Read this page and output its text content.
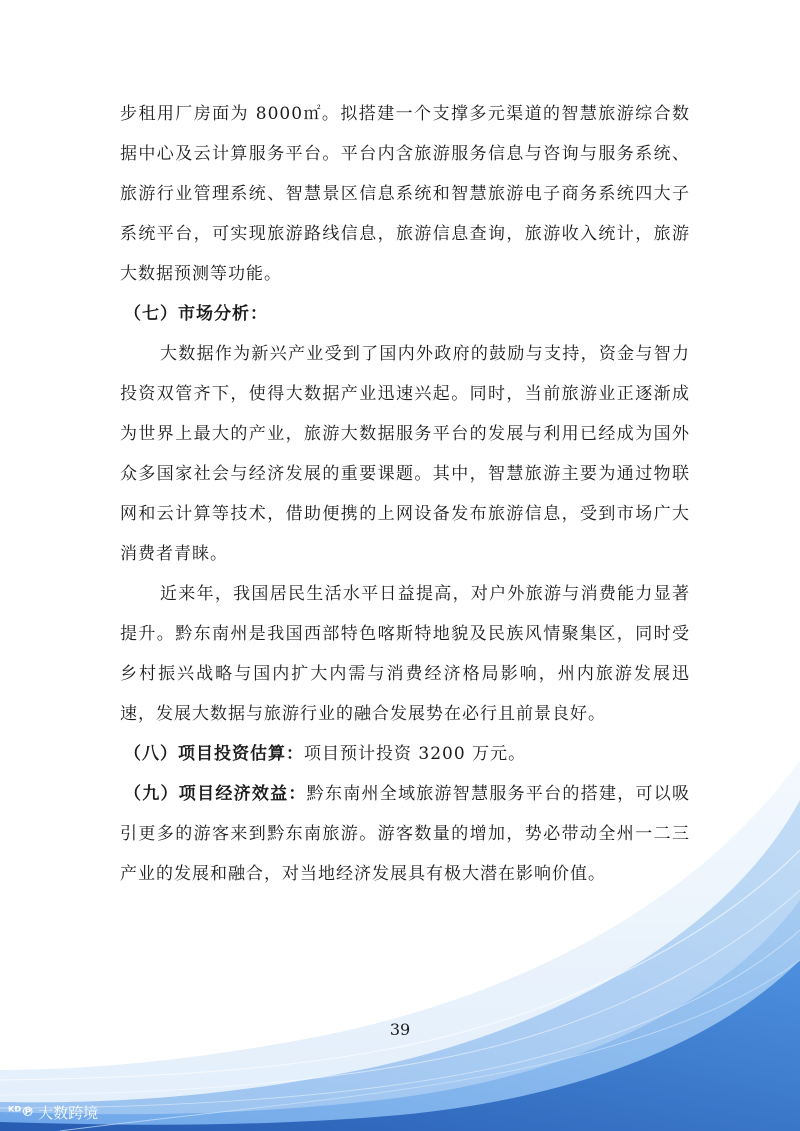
步租用厂房面为 8000㎡。拟搭建一个支撑多元渠道的智慧旅游综合数据中心及云计算服务平台。平台内含旅游服务信息与咨询与服务系统、旅游行业管理系统、智慧景区信息系统和智慧旅游电子商务系统四大子系统平台，可实现旅游路线信息，旅游信息查询，旅游收入统计，旅游大数据预测等功能。

（七）市场分析：

大数据作为新兴产业受到了国内外政府的鼓励与支持，资金与智力投资双管齐下，使得大数据产业迅速兴起。同时，当前旅游业正逐渐成为世界上最大的产业，旅游大数据服务平台的发展与利用已经成为国外众多国家社会与经济发展的重要课题。其中，智慧旅游主要为通过物联网和云计算等技术，借助便携的上网设备发布旅游信息，受到市场广大消费者青睐。

近来年，我国居民生活水平日益提高，对户外旅游与消费能力显著提升。黔东南州是我国西部特色喀斯特地貌及民族风情聚集区，同时受乡村振兴战略与国内扩大内需与消费经济格局影响，州内旅游发展迅速，发展大数据与旅游行业的融合发展势在必行且前景良好。

（八）项目投资估算：项目预计投资 3200 万元。

（九）项目经济效益：黔东南州全域旅游智慧服务平台的搭建，可以吸引更多的游客来到黔东南旅游。游客数量的增加，势必带动全州一二三产业的发展和融合，对当地经济发展具有极大潜在影响价值。

39
ᴷᴰ℗ 大数跨境
